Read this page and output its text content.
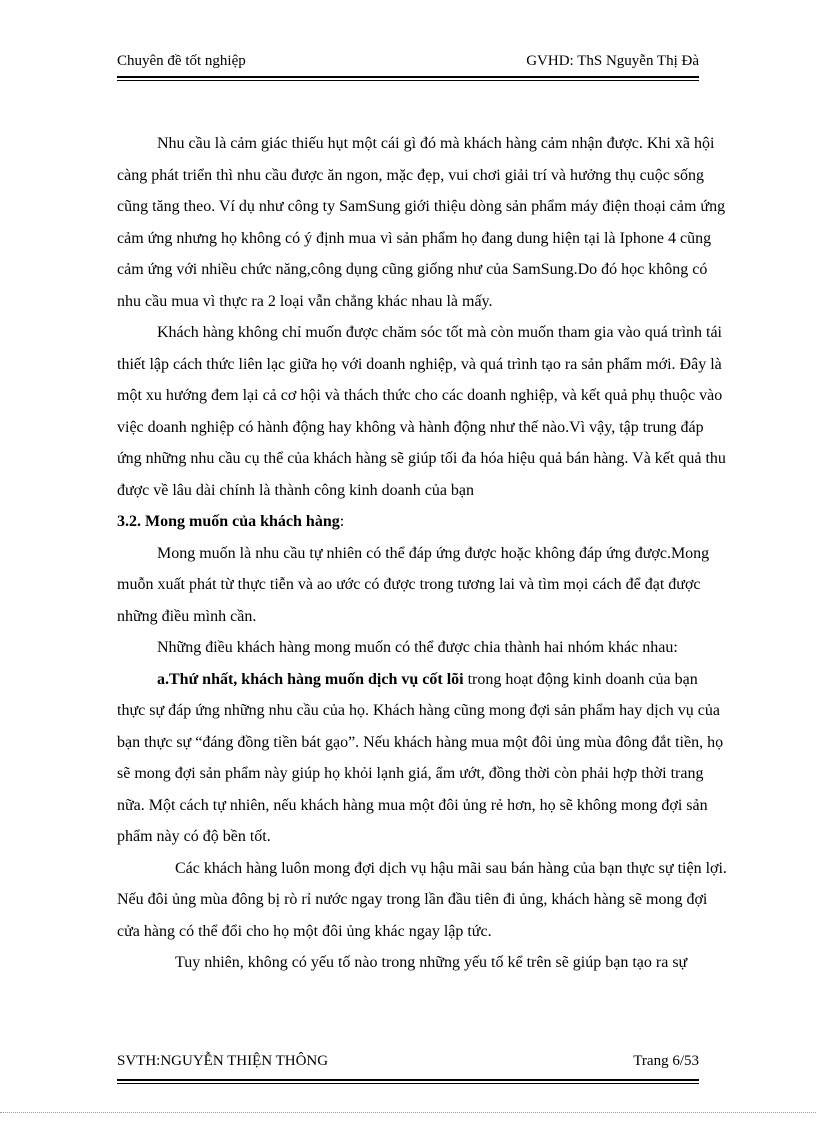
Chuyên đề tốt nghiệp	GVHD: ThS Nguyễn Thị Đà

Nhu cầu là cảm giác thiếu hụt một cái gì đó mà khách hàng cảm nhận được. Khi xã hội càng phát triển thì nhu cầu được ăn ngon, mặc đẹp, vui chơi giải trí và hưởng thụ cuộc sống cũng tăng theo. Ví dụ như công ty SamSung giới thiệu dòng sản phẩm máy điện thoại cảm ứng cảm ứng nhưng họ không có ý định mua vì sản phẩm họ đang dung hiện tại là Iphone 4 cũng cảm ứng với nhiều chức năng,công dụng cũng giống như của SamSung.Do đó học không có nhu cầu mua vì thực ra 2 loại vẫn chẳng khác nhau là mấy.

Khách hàng không chỉ muốn được chăm sóc tốt mà còn muốn tham gia vào quá trình tái thiết lập cách thức liên lạc giữa họ với doanh nghiệp, và quá trình tạo ra sản phẩm mới. Đây là một xu hướng đem lại cả cơ hội và thách thức cho các doanh nghiệp, và kết quả phụ thuộc vào việc doanh nghiệp có hành động hay không và hành động như thế nào.Vì vậy, tập trung đáp ứng những nhu cầu cụ thể của khách hàng sẽ giúp tối đa hóa hiệu quả bán hàng. Và kết quả thu được về lâu dài chính là thành công kinh doanh của bạn

3.2. Mong muốn của khách hàng:

Mong muốn là nhu cầu tự nhiên có thể đáp ứng được hoặc không đáp ứng được.Mong muỗn xuất phát từ thực tiễn và ao ước có được trong tương lai và tìm mọi cách để đạt được những điều mình cần.

Những điều khách hàng mong muốn có thể được chia thành hai nhóm khác nhau:

a.Thứ nhất, khách hàng muốn dịch vụ cốt lõi trong hoạt động kinh doanh của bạn thực sự đáp ứng những nhu cầu của họ. Khách hàng cũng mong đợi sản phẩm hay dịch vụ của bạn thực sự “đáng đồng tiền bát gạo”. Nếu khách hàng mua một đôi ủng mùa đông đắt tiền, họ sẽ mong đợi sản phẩm này giúp họ khỏi lạnh giá, ẩm ướt, đồng thời còn phải hợp thời trang nữa. Một cách tự nhiên, nếu khách hàng mua một đôi ủng rẻ hơn, họ sẽ không mong đợi sản phẩm này có độ bền tốt.

Các khách hàng luôn mong đợi dịch vụ hậu mãi sau bán hàng của bạn thực sự tiện lợi. Nếu đôi ủng mùa đông bị rò rỉ nước ngay trong lần đầu tiên đi ủng, khách hàng sẽ mong đợi cửa hàng có thể đổi cho họ một đôi ủng khác ngay lập tức.

Tuy nhiên, không có yếu tố nào trong những yếu tố kể trên sẽ giúp bạn tạo ra sự

SVTH:NGUYỄN THIỆN THÔNG	Trang 6/53
